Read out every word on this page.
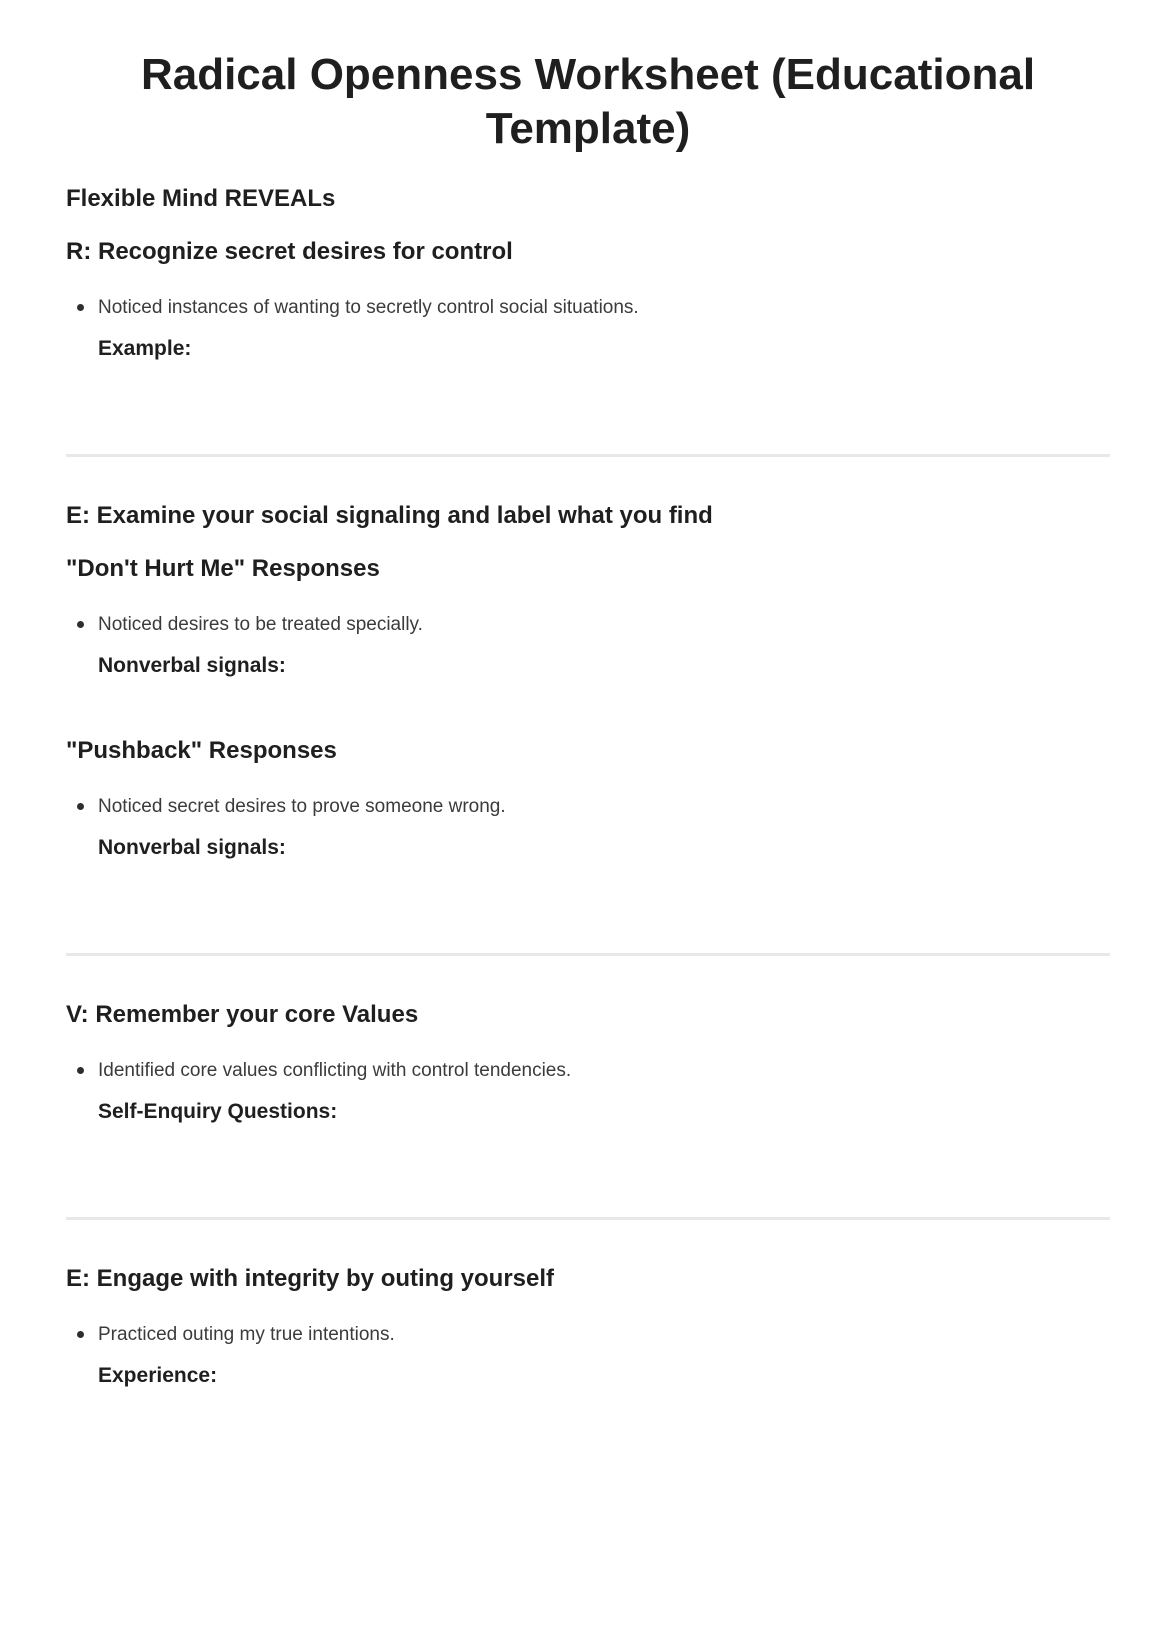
Radical Openness Worksheet (Educational Template)

Flexible Mind REVEALs

R: Recognize secret desires for control
Noticed instances of wanting to secretly control social situations.

Example:

E: Examine your social signaling and label what you find
"Don't Hurt Me" Responses
Noticed desires to be treated specially.

Nonverbal signals:

"Pushback" Responses
Noticed secret desires to prove someone wrong.

Nonverbal signals:

V: Remember your core Values
Identified core values conflicting with control tendencies.

Self-Enquiry Questions:

E: Engage with integrity by outing yourself
Practiced outing my true intentions.

Experience:
